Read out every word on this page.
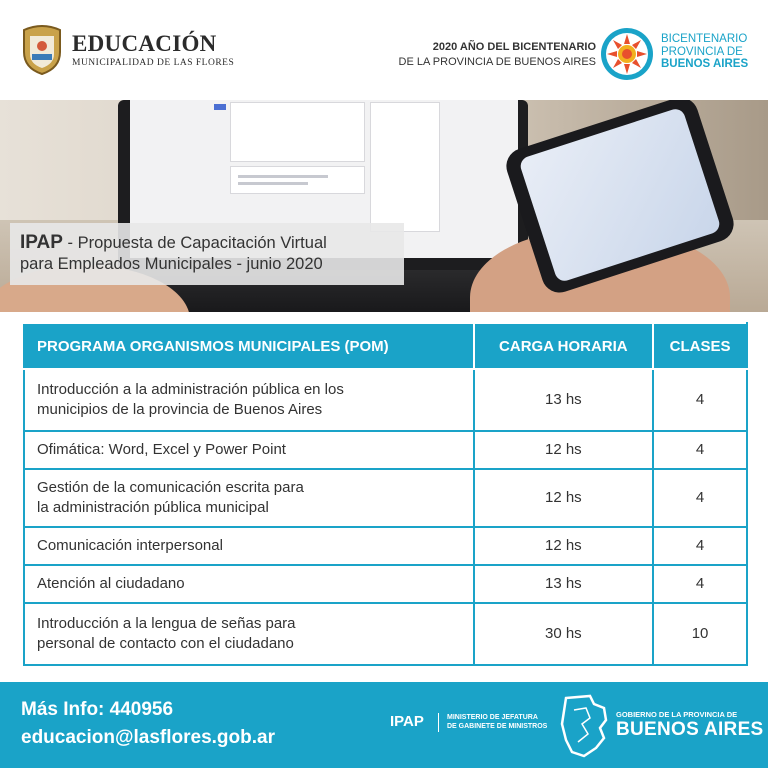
EDUCACIÓN
MUNICIPALIDAD DE LAS FLORES
2020 AÑO DEL BICENTENARIO
DE LA PROVINCIA DE BUENOS AIRES
BICENTENARIO
PROVINCIA DE
BUENOS AIRES
IPAP - Propuesta de Capacitación Virtual
para Empleados Municipales - junio 2020
PROGRAMA ORGANISMOS MUNICIPALES (POM)	CARGA HORARIA	CLASES

Introducción a la administración pública en los
municipios de la provincia de Buenos Aires	13 hs	4

Ofimática: Word, Excel y Power Point	12 hs	4

Gestión de la comunicación escrita para
la administración pública municipal	12 hs	4

Comunicación interpersonal	12 hs	4

Atención al ciudadano	13 hs	4

Introducción a la lengua de señas para
personal de contacto con el ciudadano	30 hs	10
Más Info: 440956
educacion@lasflores.gob.ar
IPAP	MINISTERIO DE JEFATURA
DE GABINETE DE MINISTROS
GOBIERNO DE LA PROVINCIA DE
BUENOS AIRES
